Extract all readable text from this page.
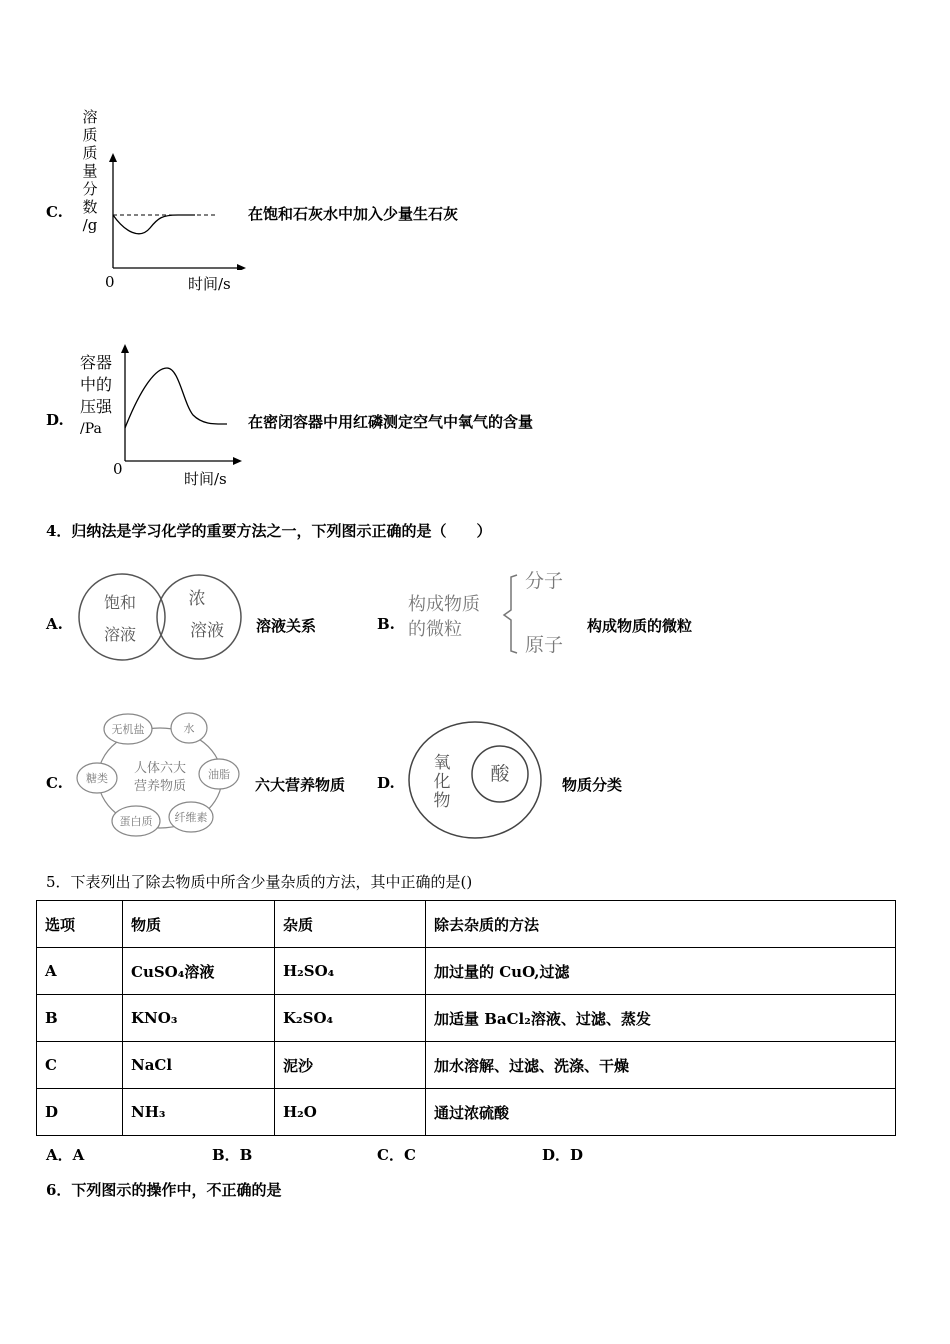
C.
溶
质
质
量
分
数
/g
0	时间/s
在饱和石灰水中加入少量生石灰
D.
容器
中的
压强
/Pa
0
时间/s
在密闭容器中用红磷测定空气中氧气的含量
4．归纳法是学习化学的重要方法之一，下列图示正确的是（　　）
A.
饱和
溶液
浓
溶液 溶液关系	B.
构成物质
的微粒
分子
原子
构成物质的微粒
C.
人体六大
营养物质
无机盐	水
油脂
纤维素
蛋白质
糖类	六大营养物质 D.
氧
化
物
酸	物质分类
5．下表列出了除去物质中所含少量杂质的方法，其中正确的是()
选项	物质	杂质	除去杂质的方法
A	CuSO₄溶液	H₂SO₄	加过量的 CuO,过滤
B	KNO₃	K₂SO₄	加适量 BaCl₂溶液、过滤、蒸发
C	NaCl	泥沙	加水溶解、过滤、洗涤、干燥
D	NH₃	H₂O	通过浓硫酸
A．A	B．B	C．C	D．D
6．下列图示的操作中，不正确的是
